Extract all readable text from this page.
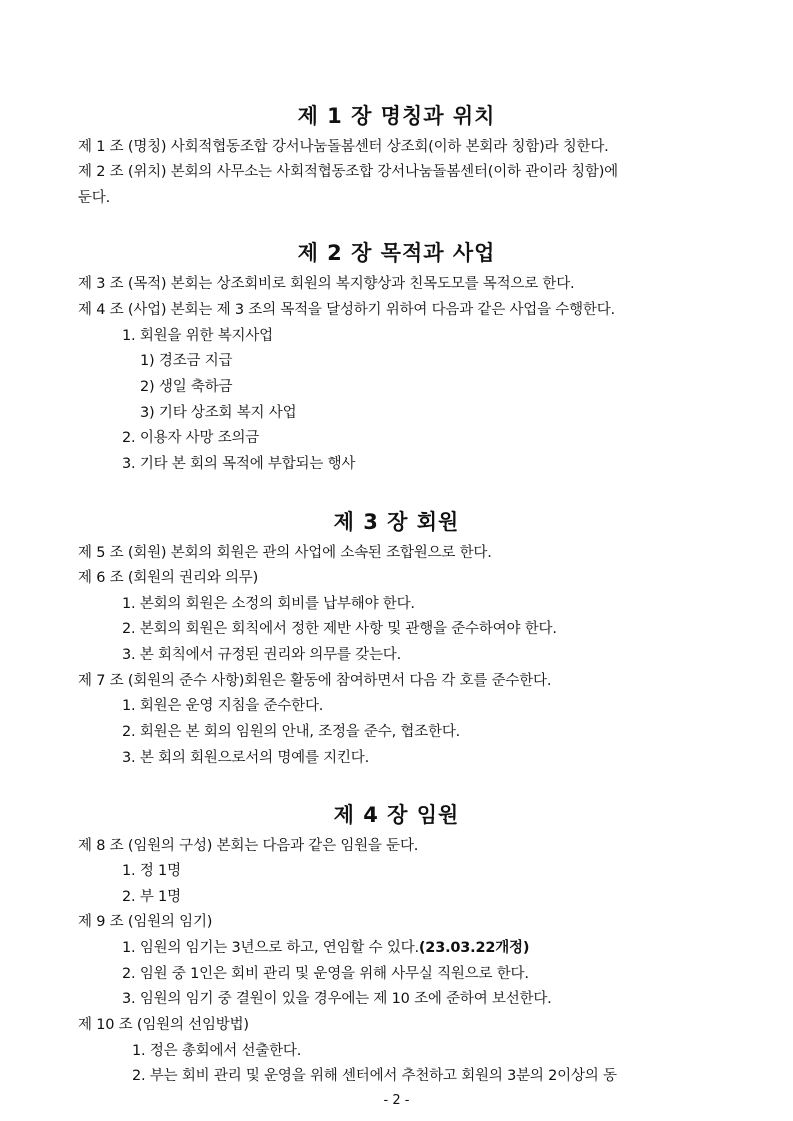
제 1 장 명칭과 위치
제 1 조 (명칭) 사회적협동조합 강서나눔돌봄센터 상조회(이하 본회라 칭함)라 칭한다.
제 2 조 (위치) 본회의 사무소는 사회적협동조합 강서나눔돌봄센터(이하 관이라 칭함)에
둔다.
제 2 장 목적과 사업
제 3 조 (목적) 본회는 상조회비로 회원의 복지향상과 친목도모를 목적으로 한다.
제 4 조 (사업) 본회는 제 3 조의 목적을 달성하기 위하여 다음과 같은 사업을 수행한다.
1. 회원을 위한 복지사업
1) 경조금 지급
2) 생일 축하금
3) 기타 상조회 복지 사업
2. 이용자 사망 조의금
3. 기타 본 회의 목적에 부합되는 행사
제 3 장 회원
제 5 조 (회원) 본회의 회원은 관의 사업에 소속된 조합원으로 한다.
제 6 조 (회원의 권리와 의무)
1. 본회의 회원은 소정의 회비를 납부해야 한다.
2. 본회의 회원은 회칙에서 정한 제반 사항 및 관행을 준수하여야 한다.
3. 본 회칙에서 규정된 권리와 의무를 갖는다.
제 7 조 (회원의 준수 사항)회원은 활동에 참여하면서 다음 각 호를 준수한다.
1. 회원은 운영 지침을 준수한다.
2. 회원은 본 회의 임원의 안내, 조정을 준수, 협조한다.
3. 본 회의 회원으로서의 명예를 지킨다.
제 4 장 임원
제 8 조 (임원의 구성) 본회는 다음과 같은 임원을 둔다.
1. 정 1명
2. 부 1명
제 9 조 (임원의 임기)
1. 임원의 임기는 3년으로 하고, 연임할 수 있다.(23.03.22개정)
2. 임원 중 1인은 회비 관리 및 운영을 위해 사무실 직원으로 한다.
3. 임원의 임기 중 결원이 있을 경우에는 제 10 조에 준하여 보선한다.
제 10 조 (임원의 선임방법)
1. 정은 총회에서 선출한다.
2. 부는 회비 관리 및 운영을 위해 센터에서 추천하고 회원의 3분의 2이상의 동
- 2 -
